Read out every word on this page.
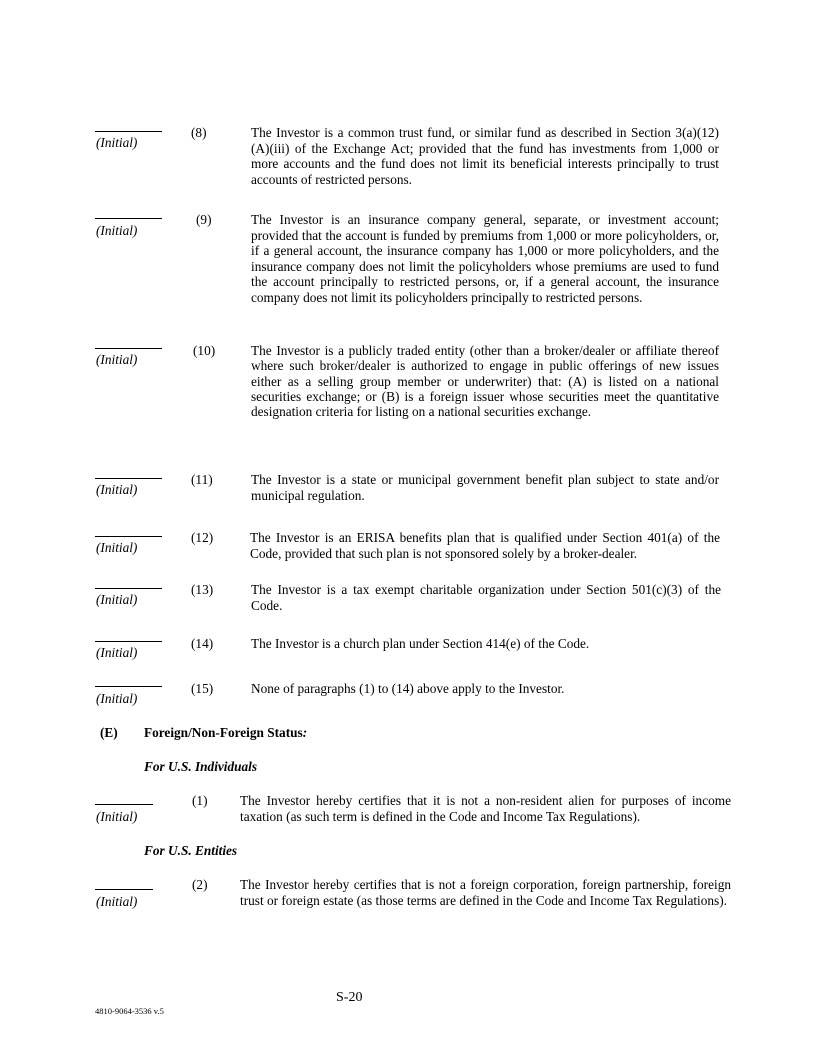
(Initial)
(8)	The Investor is a common trust fund, or similar fund as described in Section 3(a)(12)(A)(iii) of the Exchange Act; provided that the fund has investments from 1,000 or more accounts and the fund does not limit its beneficial interests principally to trust accounts of restricted persons.
(Initial)
(9)	The Investor is an insurance company general, separate, or investment account; provided that the account is funded by premiums from 1,000 or more policyholders, or, if a general account, the insurance company has 1,000 or more policyholders, and the insurance company does not limit the policyholders whose premiums are used to fund the account principally to restricted persons, or, if a general account, the insurance company does not limit its policyholders principally to restricted persons.
(Initial)
(10)	The Investor is a publicly traded entity (other than a broker/dealer or affiliate thereof where such broker/dealer is authorized to engage in public offerings of new issues either as a selling group member or underwriter) that: (A) is listed on a national securities exchange; or (B) is a foreign issuer whose securities meet the quantitative designation criteria for listing on a national securities exchange.
(Initial)
(11)	The Investor is a state or municipal government benefit plan subject to state and/or municipal regulation.
(Initial)
(12)	The Investor is an ERISA benefits plan that is qualified under Section 401(a) of the Code, provided that such plan is not sponsored solely by a broker-dealer.
(Initial)
(13)	The Investor is a tax exempt charitable organization under Section 501(c)(3) of the Code.
(Initial)
(14)	The Investor is a church plan under Section 414(e) of the Code.
(Initial)
(15)	None of paragraphs (1) to (14) above apply to the Investor.
(E) Foreign/Non-Foreign Status:
For U.S. Individuals
(Initial)
(1) The Investor hereby certifies that it is not a non-resident alien for purposes of income taxation (as such term is defined in the Code and Income Tax Regulations).
For U.S. Entities
(Initial)
(2) The Investor hereby certifies that is not a foreign corporation, foreign partnership, foreign trust or foreign estate (as those terms are defined in the Code and Income Tax Regulations).
S-20
4810-9064-3536 v.5
